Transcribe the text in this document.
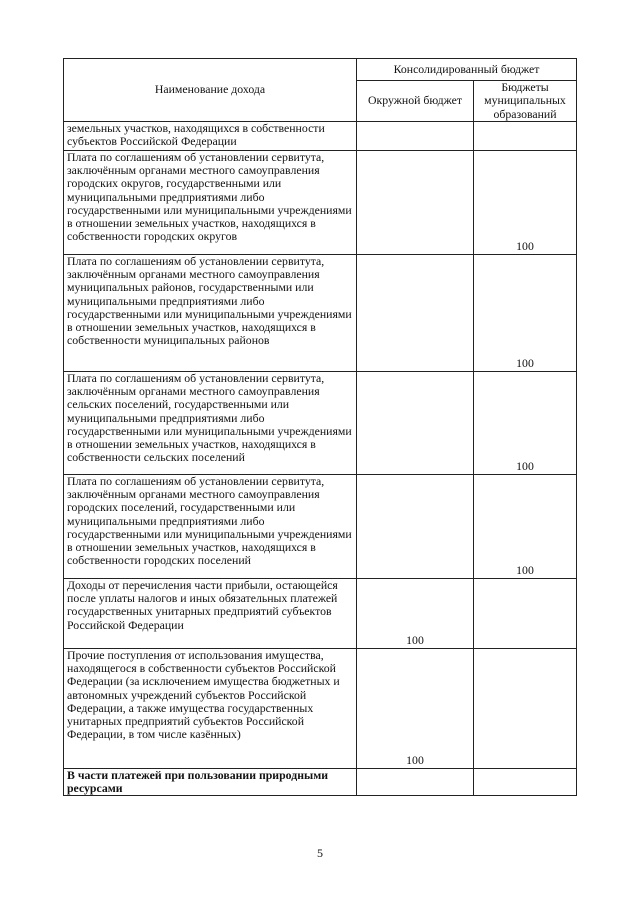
Наименование дохода	Консолидированный бюджет	
	Окружной бюджет	Бюджеты муниципальных образований
земельных участков, находящихся в собственности субъектов Российской Федерации		
Плата по соглашениям об установлении сервитута, заключённым органами местного самоуправления городских округов, государственными или муниципальными предприятиями либо государственными или муниципальными учреждениями в отношении земельных участков, находящихся в собственности городских округов		100
Плата по соглашениям об установлении сервитута, заключённым органами местного самоуправления муниципальных районов, государственными или муниципальными предприятиями либо государственными или муниципальными учреждениями в отношении земельных участков, находящихся в собственности муниципальных районов		100
Плата по соглашениям об установлении сервитута, заключённым органами местного самоуправления сельских поселений, государственными или муниципальными предприятиями либо государственными или муниципальными учреждениями в отношении земельных участков, находящихся в собственности сельских поселений		100
Плата по соглашениям об установлении сервитута, заключённым органами местного самоуправления городских поселений, государственными или муниципальными предприятиями либо государственными или муниципальными учреждениями в отношении земельных участков, находящихся в собственности городских поселений		100
Доходы от перечисления части прибыли, остающейся после уплаты налогов и иных обязательных платежей государственных унитарных предприятий субъектов Российской Федерации	100	
Прочие поступления от использования имущества, находящегося в собственности субъектов Российской Федерации (за исключением имущества бюджетных и автономных учреждений субъектов Российской Федерации, а также имущества государственных унитарных предприятий субъектов Российской Федерации, в том числе казённых)	100	
В части платежей при пользовании природными ресурсами		
5
